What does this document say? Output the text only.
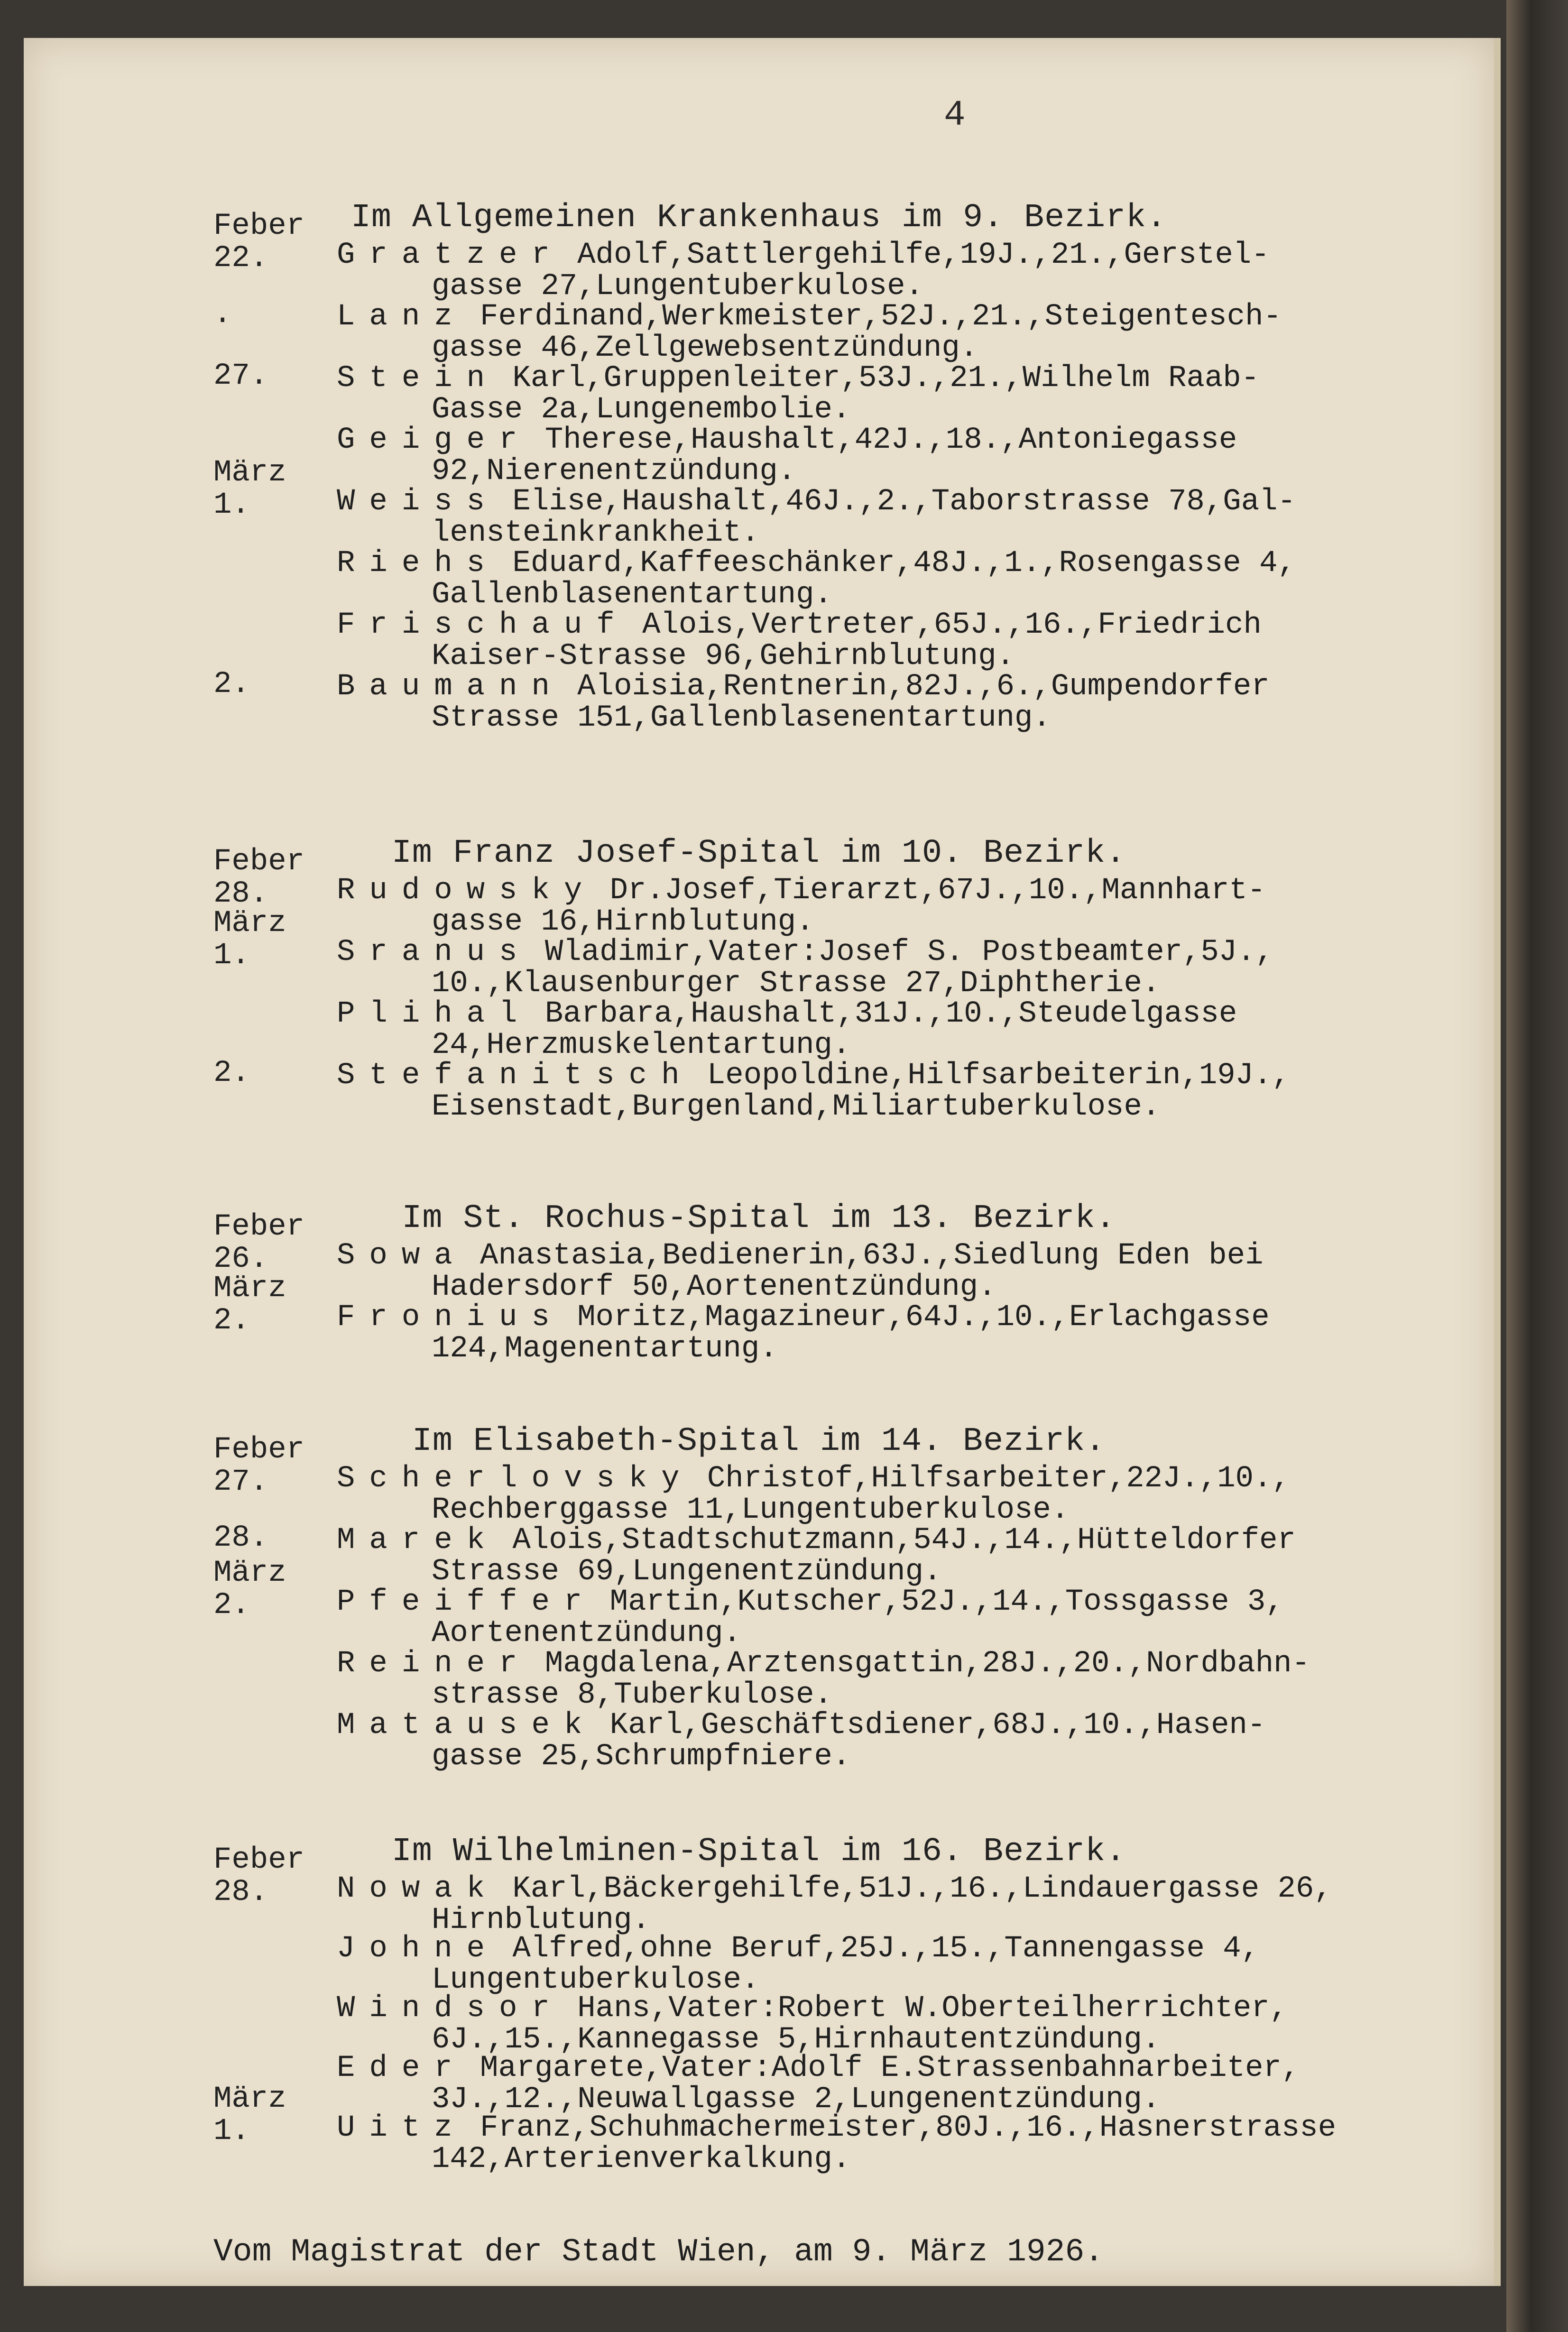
4
Im Allgemeinen Krankenhaus im 9. Bezirk.
Feber
22.	Gratzer Adolf,Sattlergehilfe,19J.,21.,Gerstel-
gasse 27,Lungentuberkulose.
.	Lanz Ferdinand,Werkmeister,52J.,21.,Steigentesch-
gasse 46,Zellgewebsentzündung.
27.	Stein Karl,Gruppenleiter,53J.,21.,Wilhelm Raab-
Gasse 2a,Lungenembolie.
Geiger Therese,Haushalt,42J.,18.,Antoniegasse
92,Nierenentzündung.
März
1.	Weiss Elise,Haushalt,46J.,2.,Taborstrasse 78,Gal-
lensteinkrankheit.
Riehs Eduard,Kaffeeschänker,48J.,1.,Rosengasse 4,
Gallenblasenentartung.
Frischauf Alois,Vertreter,65J.,16.,Friedrich
Kaiser-Strasse 96,Gehirnblutung.
2.	Baumann Aloisia,Rentnerin,82J.,6.,Gumpendorfer
Strasse 151,Gallenblasenentartung.
Im Franz Josef-Spital im 10. Bezirk.
Feber
28.	Rudowsky Dr.Josef,Tierarzt,67J.,10.,Mannhart-
gasse 16,Hirnblutung.
März
1.	Sranus Wladimir,Vater:Josef S. Postbeamter,5J.,
10.,Klausenburger Strasse 27,Diphtherie.
Plihal Barbara,Haushalt,31J.,10.,Steudelgasse
24,Herzmuskelentartung.
2.	Stefanitsch Leopoldine,Hilfsarbeiterin,19J.,
Eisenstadt,Burgenland,Miliartuberkulose.
Im St. Rochus-Spital im 13. Bezirk.
Feber
26.	Sowa Anastasia,Bedienerin,63J.,Siedlung Eden bei
Hadersdorf 50,Aortenentzündung.
März
2.	Fronius Moritz,Magazineur,64J.,10.,Erlachgasse
124,Magenentartung.
Im Elisabeth-Spital im 14. Bezirk.
Feber
27.	Scherlovsky Christof,Hilfsarbeiter,22J.,10.,
Rechberggasse 11,Lungentuberkulose.
28.	Marek Alois,Stadtschutzmann,54J.,14.,Hütteldorfer
Strasse 69,Lungenentzündung.
März
2.	Pfeiffer Martin,Kutscher,52J.,14.,Tossgasse 3,
Aortenentzündung.
Reiner Magdalena,Arztensgattin,28J.,20.,Nordbahn-
strasse 8,Tuberkulose.
Matausek Karl,Geschäftsdiener,68J.,10.,Hasen-
gasse 25,Schrumpfniere.
Im Wilhelminen-Spital im 16. Bezirk.
Feber
28.	Nowak Karl,Bäckergehilfe,51J.,16.,Lindauergasse 26,
Hirnblutung.
Johne Alfred,ohne Beruf,25J.,15.,Tannengasse 4,
Lungentuberkulose.
Windsor Hans,Vater:Robert W.Oberteilherrichter,
6J.,15.,Kannegasse 5,Hirnhautentzündung.
Eder Margarete,Vater:Adolf E.Strassenbahnarbeiter,
3J.,12.,Neuwallgasse 2,Lungenentzündung.
März
1.	Uitz Franz,Schuhmachermeister,80J.,16.,Hasnerstrasse
142,Arterienverkalkung.
Vom Magistrat der Stadt Wien, am 9. März 1926.
